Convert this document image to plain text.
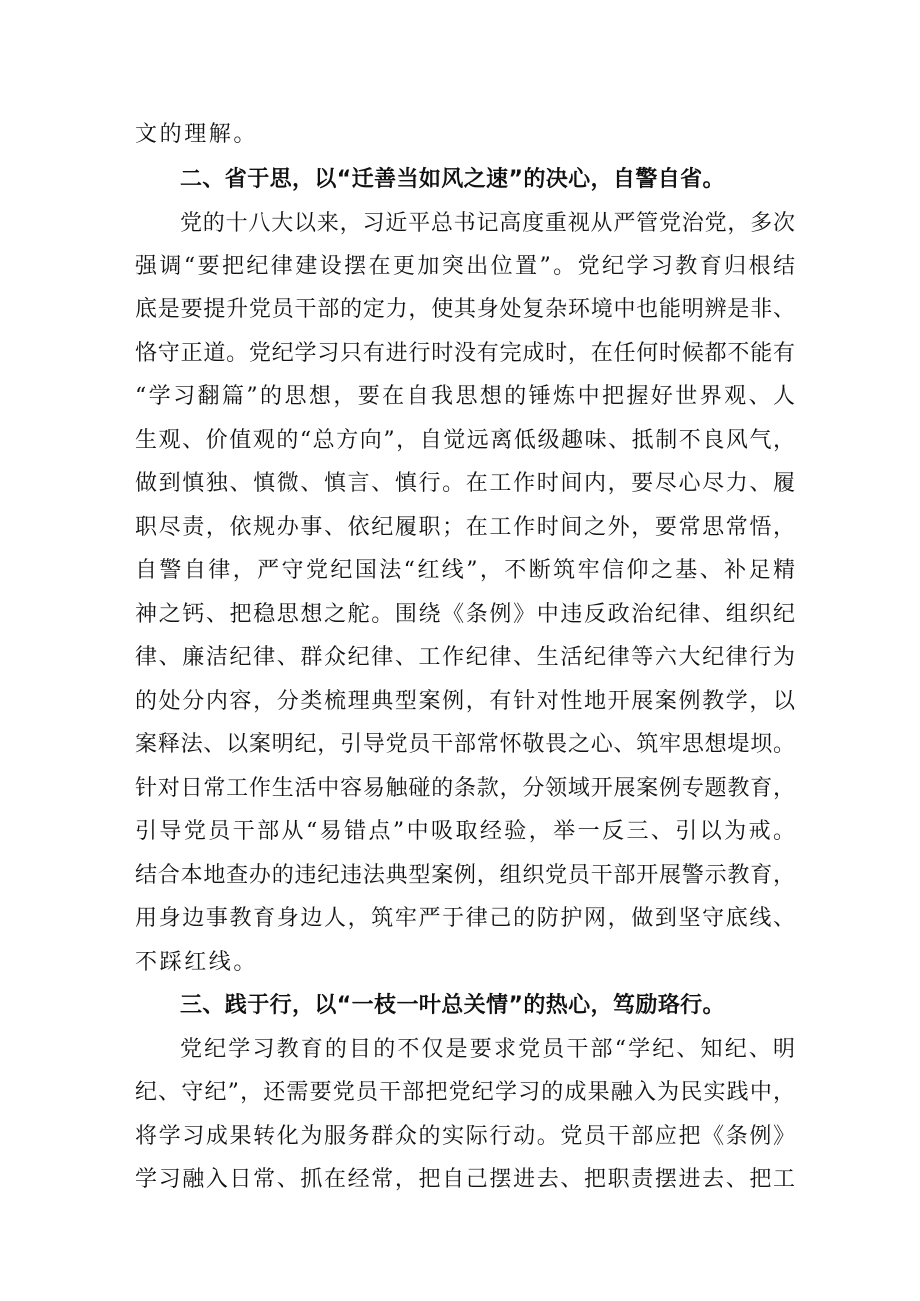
文的理解。
二、省于思，以“迁善当如风之速”的决心，自警自省。
党的十八大以来，习近平总书记高度重视从严管党治党，多次
强调“要把纪律建设摆在更加突出位置”。党纪学习教育归根结
底是要提升党员干部的定力，使其身处复杂环境中也能明辨是非、
恪守正道。党纪学习只有进行时没有完成时，在任何时候都不能有
“学习翻篇”的思想，要在自我思想的锤炼中把握好世界观、人
生观、价值观的“总方向”，自觉远离低级趣味、抵制不良风气，
做到慎独、慎微、慎言、慎行。在工作时间内，要尽心尽力、履
职尽责，依规办事、依纪履职；在工作时间之外，要常思常悟，
自警自律，严守党纪国法“红线”，不断筑牢信仰之基、补足精
神之钙、把稳思想之舵。围绕《条例》中违反政治纪律、组织纪
律、廉洁纪律、群众纪律、工作纪律、生活纪律等六大纪律行为
的处分内容，分类梳理典型案例，有针对性地开展案例教学，以
案释法、以案明纪，引导党员干部常怀敬畏之心、筑牢思想堤坝。
针对日常工作生活中容易触碰的条款，分领域开展案例专题教育，
引导党员干部从“易错点”中吸取经验，举一反三、引以为戒。
结合本地查办的违纪违法典型案例，组织党员干部开展警示教育，
用身边事教育身边人，筑牢严于律己的防护网，做到坚守底线、
不踩红线。
三、践于行，以“一枝一叶总关情”的热心，笃励珞行。
党纪学习教育的目的不仅是要求党员干部“学纪、知纪、明
纪、守纪”，还需要党员干部把党纪学习的成果融入为民实践中，
将学习成果转化为服务群众的实际行动。党员干部应把《条例》
学习融入日常、抓在经常，把自己摆进去、把职责摆进去、把工
